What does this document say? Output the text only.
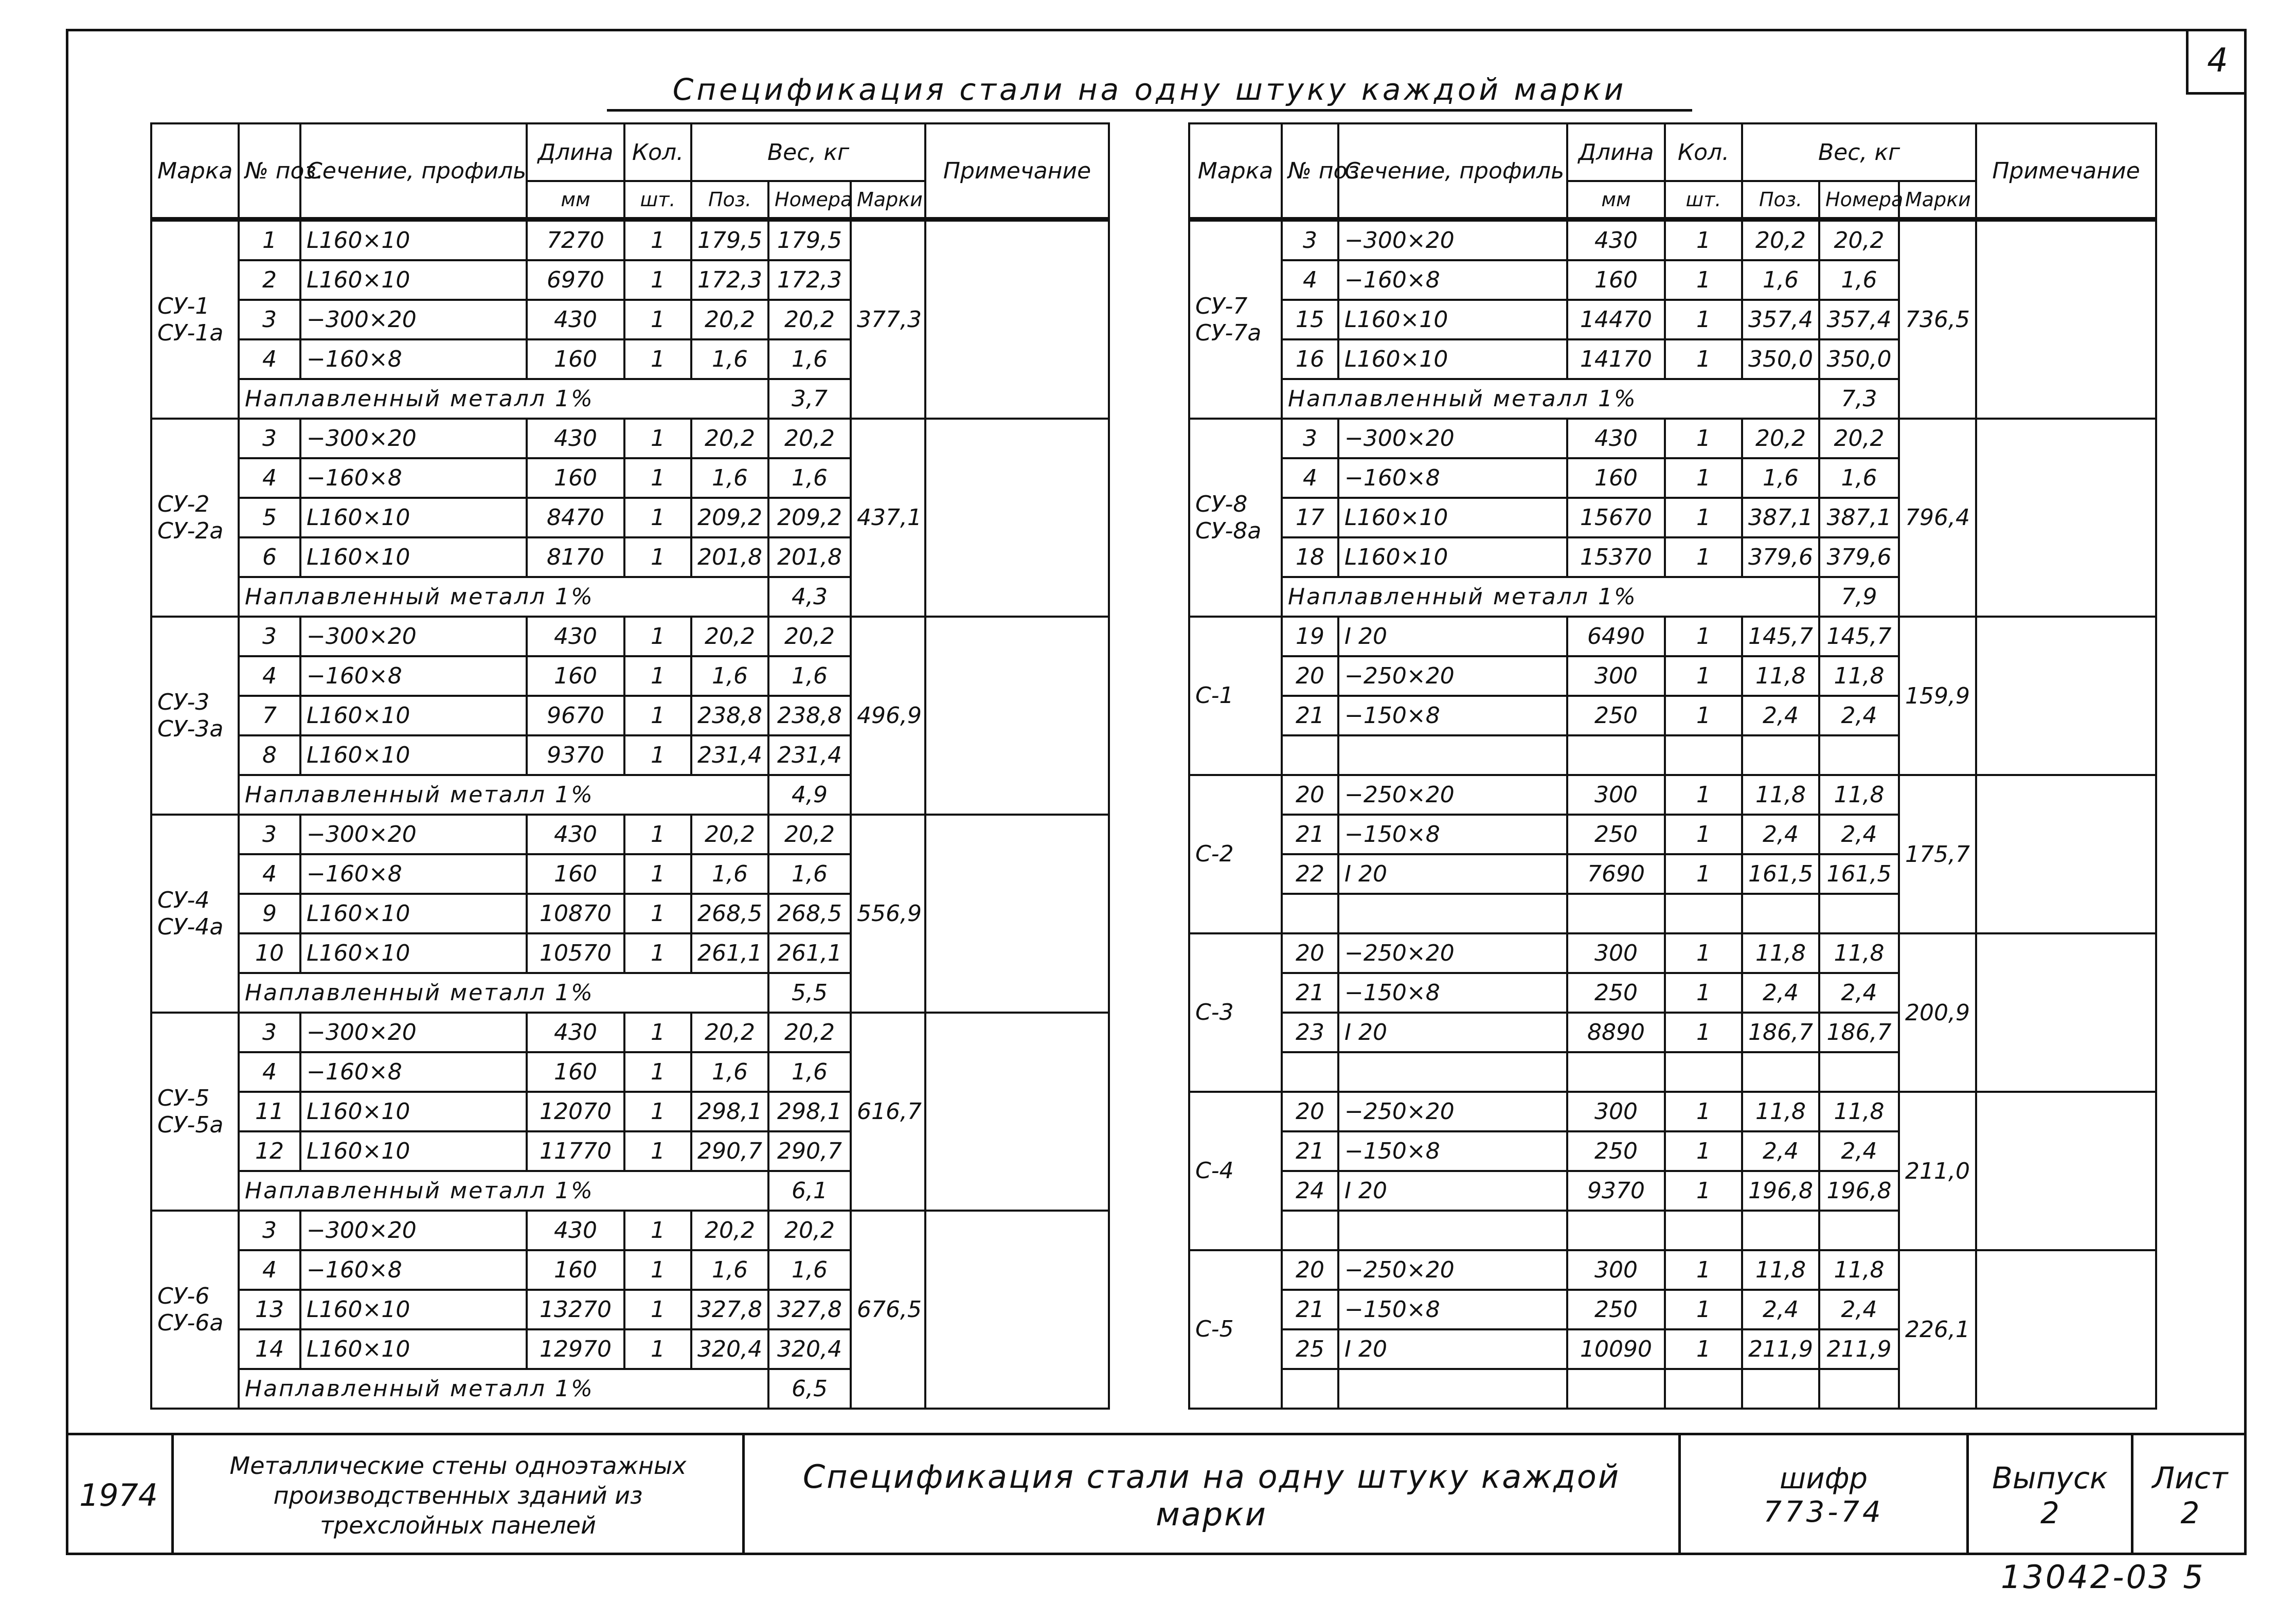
4
Спецификация стали на одну штуку каждой марки
Марка	№ поз.	Сечение, профиль	Длина	Кол.	Вес, кг			Примечание
			мм	шт.	Поз.	Номера	Марки	
СУ-1 СУ-1а	1	L160×10	7270	1	179,5	179,5	377,3	
	2	L160×10	6970	1	172,3	172,3		
	3	−300×20	430	1	20,2	20,2		
	4	−160×8	160	1	1,6	1,6		
	Наплавленный металл 1%					3,7		
СУ-2 СУ-2а	3	−300×20	430	1	20,2	20,2	437,1	
	4	−160×8	160	1	1,6	1,6		
	5	L160×10	8470	1	209,2	209,2		
	6	L160×10	8170	1	201,8	201,8		
	Наплавленный металл 1%					4,3		
СУ-3 СУ-3а	3	−300×20	430	1	20,2	20,2	496,9	
	4	−160×8	160	1	1,6	1,6		
	7	L160×10	9670	1	238,8	238,8		
	8	L160×10	9370	1	231,4	231,4		
	Наплавленный металл 1%					4,9		
СУ-4 СУ-4а	3	−300×20	430	1	20,2	20,2	556,9	
	4	−160×8	160	1	1,6	1,6		
	9	L160×10	10870	1	268,5	268,5		
	10	L160×10	10570	1	261,1	261,1		
	Наплавленный металл 1%					5,5		
СУ-5 СУ-5а	3	−300×20	430	1	20,2	20,2	616,7	
	4	−160×8	160	1	1,6	1,6		
	11	L160×10	12070	1	298,1	298,1		
	12	L160×10	11770	1	290,7	290,7		
	Наплавленный металл 1%					6,1		
СУ-6 СУ-6а	3	−300×20	430	1	20,2	20,2	676,5	
	4	−160×8	160	1	1,6	1,6		
	13	L160×10	13270	1	327,8	327,8		
	14	L160×10	12970	1	320,4	320,4		
	Наплавленный металл 1%					6,5		
Марка	№ поз.	Сечение, профиль	Длина	Кол.	Вес, кг			Примечание
			мм	шт.	Поз.	Номера	Марки	
СУ-7 СУ-7а	3	−300×20	430	1	20,2	20,2	736,5	
	4	−160×8	160	1	1,6	1,6		
	15	L160×10	14470	1	357,4	357,4		
	16	L160×10	14170	1	350,0	350,0		
	Наплавленный металл 1%					7,3		
СУ-8 СУ-8а	3	−300×20	430	1	20,2	20,2	796,4	
	4	−160×8	160	1	1,6	1,6		
	17	L160×10	15670	1	387,1	387,1		
	18	L160×10	15370	1	379,6	379,6		
	Наплавленный металл 1%					7,9		
С-1	19	I 20	6490	1	145,7	145,7	159,9	
	20	−250×20	300	1	11,8	11,8		
	21	−150×8	250	1	2,4	2,4		

С-2	20	−250×20	300	1	11,8	11,8	175,7	
	21	−150×8	250	1	2,4	2,4		
	22	I 20	7690	1	161,5	161,5		

С-3	20	−250×20	300	1	11,8	11,8	200,9	
	21	−150×8	250	1	2,4	2,4		
	23	I 20	8890	1	186,7	186,7		

С-4	20	−250×20	300	1	11,8	11,8	211,0	
	21	−150×8	250	1	2,4	2,4		
	24	I 20	9370	1	196,8	196,8		

С-5	20	−250×20	300	1	11,8	11,8	226,1	
	21	−150×8	250	1	2,4	2,4		
	25	I 20	10090	1	211,9	211,9		

1974
Металлические стены одноэтажных производственных зданий из трехслойных панелей
Спецификация стали на одну штуку каждой марки
шифр
773-74
Выпуск
2
Лист
2
13042-03 5
